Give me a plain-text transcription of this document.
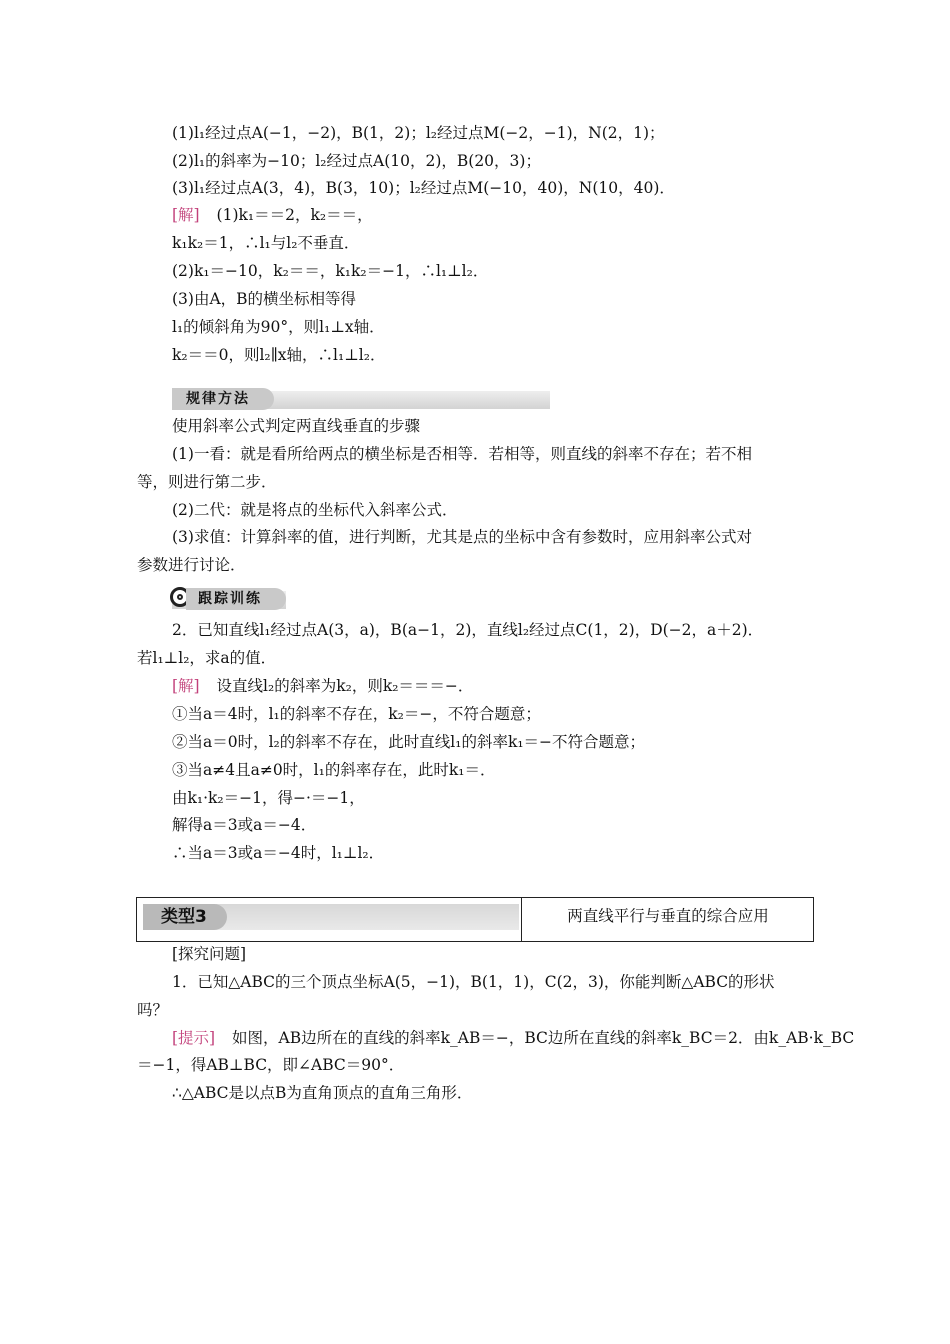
(1)l₁经过点A(−1，−2)，B(1，2)；l₂经过点M(−2，−1)，N(2，1)；
(2)l₁的斜率为−10；l₂经过点A(10，2)，B(20，3)；
(3)l₁经过点A(3，4)，B(3，10)；l₂经过点M(−10，40)，N(10，40)．
[解] (1)k₁＝＝2，k₂＝＝，
k₁k₂＝1，∴l₁与l₂不垂直．
(2)k₁＝−10，k₂＝＝，k₁k₂＝−1，∴l₁⊥l₂．
(3)由A，B的横坐标相等得
l₁的倾斜角为90°，则l₁⊥x轴．
k₂＝＝0，则l₂∥x轴，∴l₁⊥l₂．
规律方法
使用斜率公式判定两直线垂直的步骤
(1)一看：就是看所给两点的横坐标是否相等．若相等，则直线的斜率不存在；若不相
等，则进行第二步．
(2)二代：就是将点的坐标代入斜率公式．
(3)求值：计算斜率的值，进行判断，尤其是点的坐标中含有参数时，应用斜率公式对
参数进行讨论．
跟踪训练
2．已知直线l₁经过点A(3，a)，B(a−1，2)，直线l₂经过点C(1，2)，D(−2，a＋2)．
若l₁⊥l₂，求a的值．
[解] 设直线l₂的斜率为k₂，则k₂＝＝＝−．
①当a＝4时，l₁的斜率不存在，k₂＝−，不符合题意；
②当a＝0时，l₂的斜率不存在，此时直线l₁的斜率k₁＝−不符合题意；
③当a≠4且a≠0时，l₁的斜率存在，此时k₁＝．
由k₁·k₂＝−1，得−·＝−1，
解得a＝3或a＝−4．
∴当a＝3或a＝−4时，l₁⊥l₂．
类型3	两直线平行与垂直的综合应用
[探究问题]
1．已知△ABC的三个顶点坐标A(5，−1)，B(1，1)，C(2，3)，你能判断△ABC的形状
吗？
[提示] 如图，AB边所在的直线的斜率k_AB＝−，BC边所在直线的斜率k_BC＝2．由k_AB·k_BC
＝−1，得AB⊥BC，即∠ABC＝90°．
∴△ABC是以点B为直角顶点的直角三角形．
